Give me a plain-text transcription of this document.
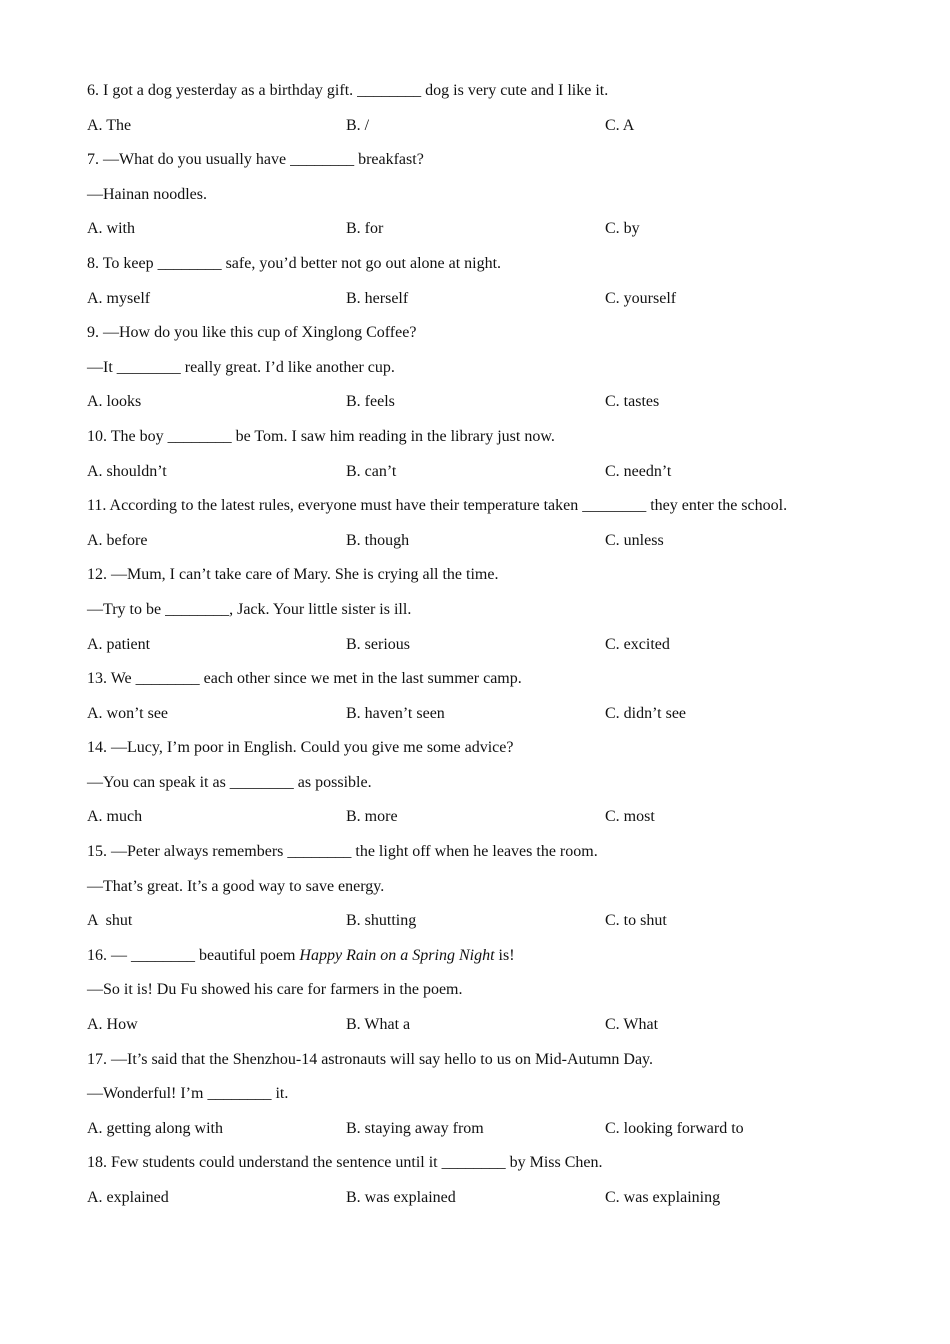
6. I got a dog yesterday as a birthday gift. ________ dog is very cute and I like it.
A. The	B. /	C. A
7. —What do you usually have ________ breakfast?
—Hainan noodles.
A. with	B. for	C. by
8. To keep ________ safe, you’d better not go out alone at night.
A. myself	B. herself	C. yourself
9. —How do you like this cup of Xinglong Coffee?
—It ________ really great. I’d like another cup.
A. looks	B. feels	C. tastes
10. The boy ________ be Tom. I saw him reading in the library just now.
A. shouldn’t	B. can’t	C. needn’t
11. According to the latest rules, everyone must have their temperature taken ________ they enter the school.
A. before	B. though	C. unless
12. —Mum, I can’t take care of Mary. She is crying all the time.
—Try to be ________, Jack. Your little sister is ill.
A. patient	B. serious	C. excited
13. We ________ each other since we met in the last summer camp.
A. won’t see	B. haven’t seen	C. didn’t see
14. —Lucy, I’m poor in English. Could you give me some advice?
—You can speak it as ________ as possible.
A. much	B. more	C. most
15. —Peter always remembers ________ the light off when he leaves the room.
—That’s great. It’s a good way to save energy.
A  shut	B. shutting	C. to shut
16. — ________ beautiful poem Happy Rain on a Spring Night is!
—So it is! Du Fu showed his care for farmers in the poem.
A. How	B. What a	C. What
17. —It’s said that the Shenzhou-14 astronauts will say hello to us on Mid-Autumn Day.
—Wonderful! I’m ________ it.
A. getting along with	B. staying away from	C. looking forward to
18. Few students could understand the sentence until it ________ by Miss Chen.
A. explained	B. was explained	C. was explaining
